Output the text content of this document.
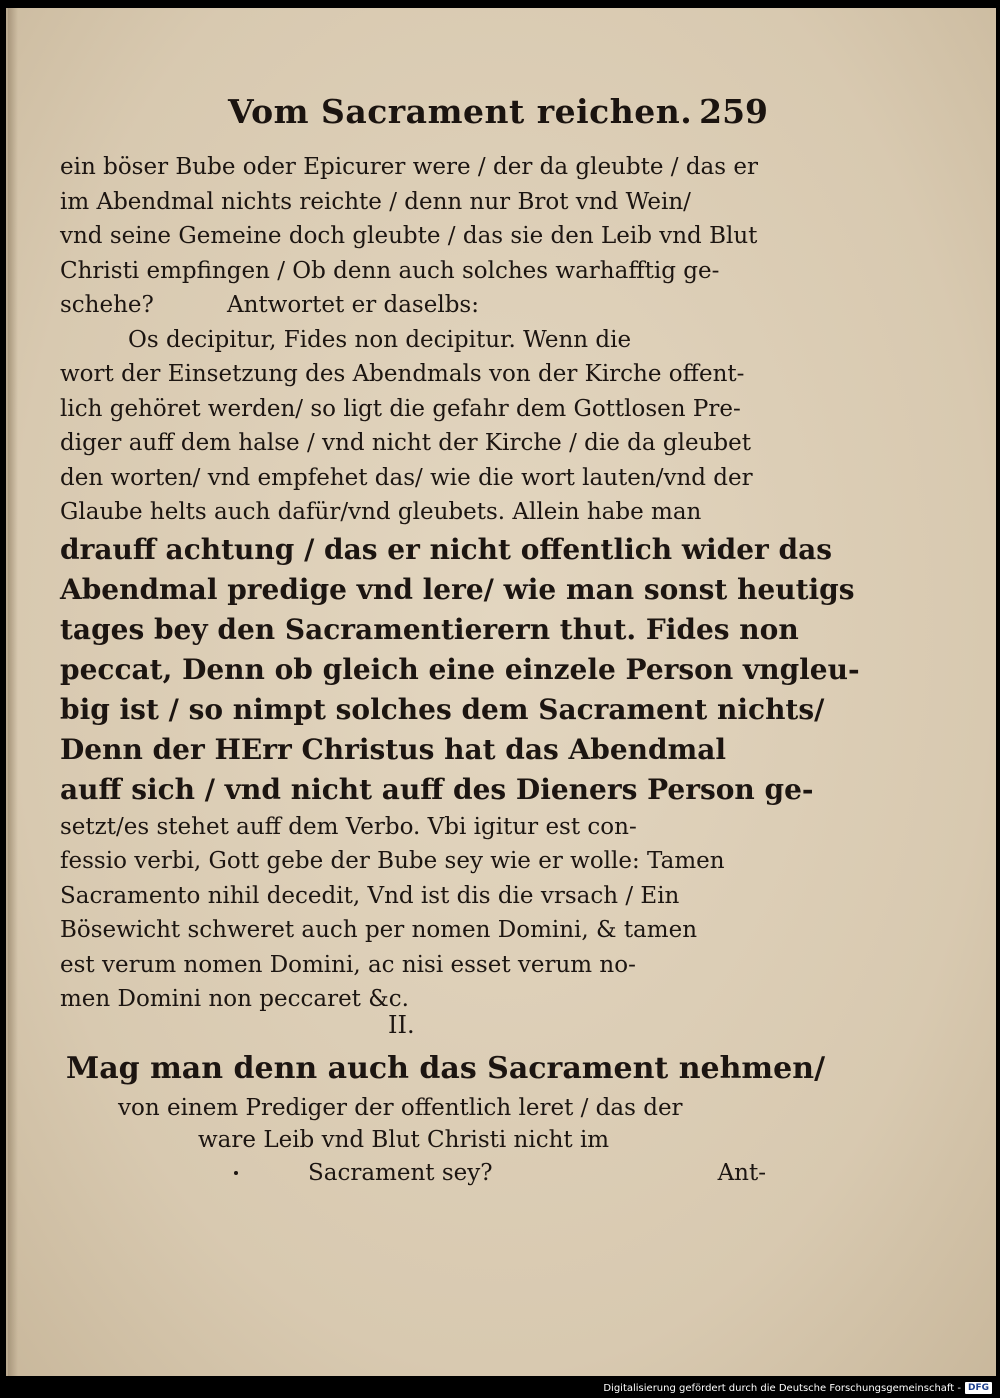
Vom Sacrament reichen. 259
ein böser Bube oder Epicurer were / der da gleubte / das er
im Abendmal nichts reichte / denn nur Brot vnd Wein/
vnd seine Gemeine doch gleubte / das sie den Leib vnd Blut
Christi empfingen / Ob denn auch solches warhafftig ge-
schehe?          Antwortet er daselbs:
Os decipitur, Fides non decipitur. Wenn die
wort der Einsetzung des Abendmals von der Kirche offent-
lich gehöret werden/ so ligt die gefahr dem Gottlosen Pre-
diger auff dem halse / vnd nicht der Kirche / die da gleubet
den worten/ vnd empfehet das/ wie die wort lauten/vnd der
Glaube helts auch dafür/vnd gleubets. Allein habe man
drauff achtung / das er nicht offentlich wider das
Abendmal predige vnd lere/ wie man sonst heutigs
tages bey den Sacramentierern thut. Fides non
peccat, Denn ob gleich eine einzele Person vngleu-
big ist / so nimpt solches dem Sacrament nichts/
Denn der HErr Christus hat das Abendmal
auff sich / vnd nicht auff des Dieners Person ge-
setzt/es stehet auff dem Verbo. Vbi igitur est con-
fessio verbi, Gott gebe der Bube sey wie er wolle: Tamen
Sacramento nihil decedit, Vnd ist dis die vrsach / Ein
Bösewicht schweret auch per nomen Domini, & tamen
est verum nomen Domini, ac nisi esset verum no-
men Domini non peccaret &c.
II.
Mag man denn auch das Sacrament nehmen/
von einem Prediger der offentlich leret / das der
ware Leib vnd Blut Christi nicht im
Sacrament sey?	Ant-
Digitalisierung gefördert durch die Deutsche Forschungsgemeinschaft - DFG
